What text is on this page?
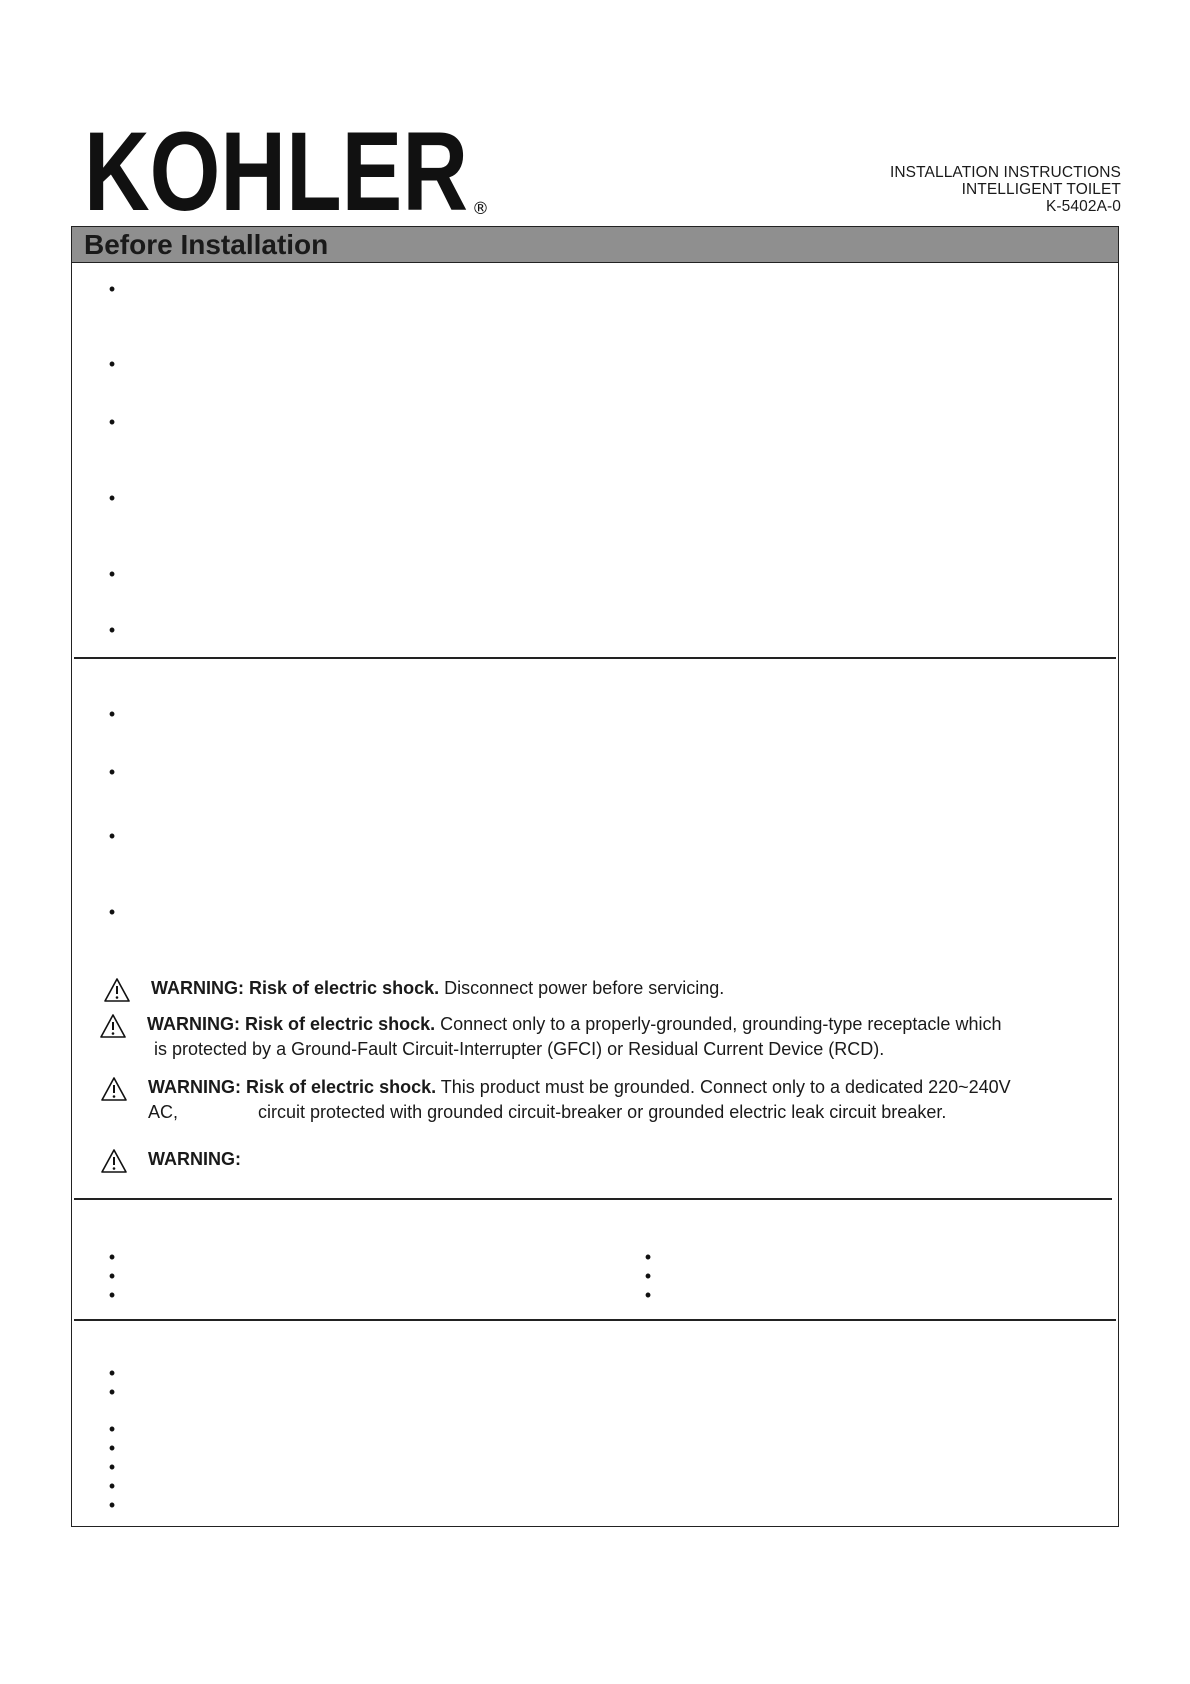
KOHLER ®
INSTALLATION INSTRUCTIONS
INTELLIGENT TOILET
K-5402A-0
Before Installation
•
•
•
•
•
•
•
•
•
•
WARNING: Risk of electric shock. Disconnect power before servicing.
WARNING: Risk of electric shock. Connect only to a properly-grounded, grounding-type receptacle which
is protected by a Ground-Fault Circuit-Interrupter (GFCI) or Residual Current Device (RCD).
WARNING: Risk of electric shock. This product must be grounded. Connect only to a dedicated 220~240V
AC,	circuit protected with grounded circuit-breaker or grounded electric leak circuit breaker.
WARNING:
•
•
•
•
•
•
•
•
•
•
•
•
•
